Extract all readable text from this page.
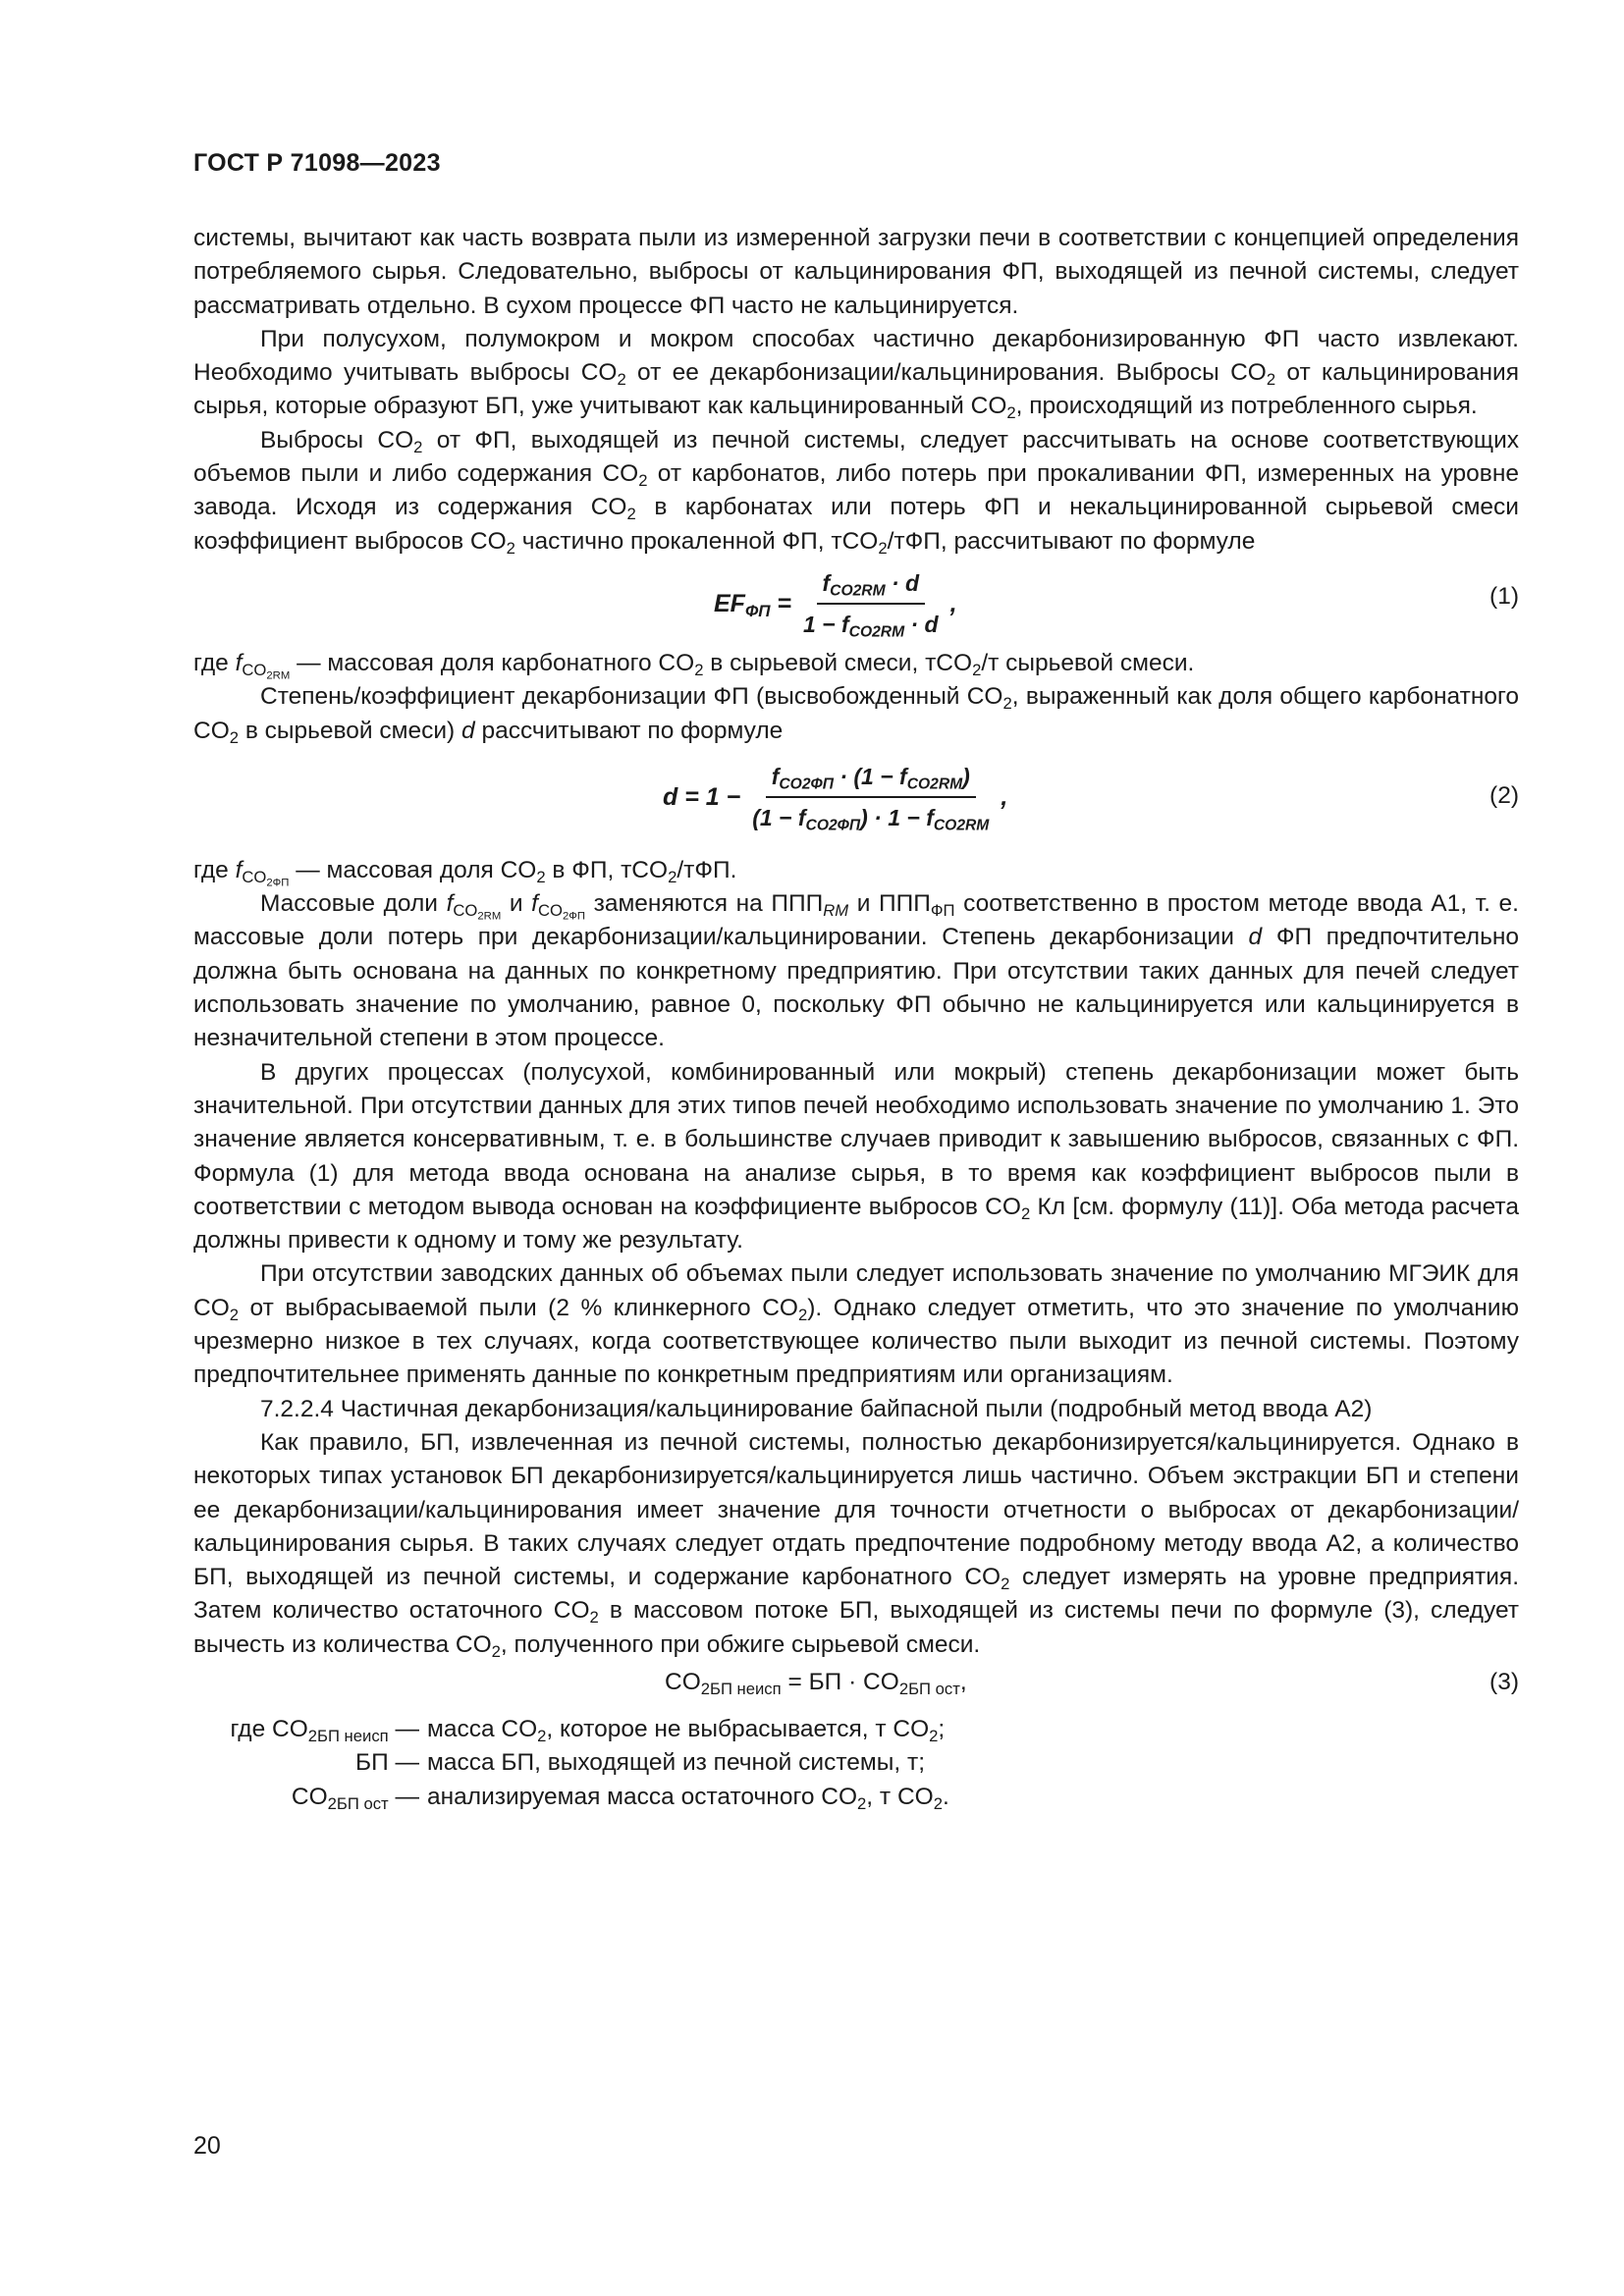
ГОСТ Р 71098—2023

системы, вычитают как часть возврата пыли из измеренной загрузки печи в соответствии с концепцией определения потребляемого сырья. Следовательно, выбросы от кальцинирования ФП, выходящей из печной системы, следует рассматривать отдельно. В сухом процессе ФП часто не кальцинируется.

При полусухом, полумокром и мокром способах частично декарбонизированную ФП часто извлекают. Необходимо учитывать выбросы $CO_2$ от ее декарбонизации/кальцинирования. Выбросы $CO_2$ от кальцинирования сырья, которые образуют БП, уже учитывают как кальцинированный $CO_2$, происходящий из потребленного сырья.

Выбросы $CO_2$ от ФП, выходящей из печной системы, следует рассчитывать на основе соответствующих объемов пыли и либо содержания $CO_2$ от карбонатов, либо потерь при прокаливании ФП, измеренных на уровне завода. Исходя из содержания $CO_2$ в карбонатах или потерь ФП и некальцинированной сырьевой смеси коэффициент выбросов $CO_2$ частично прокаленной ФП, тCO$_2$/тФП, рассчитывают по формуле

$EF_{ФП} = \frac{f_{CO2RM} \cdot d}{1 - f_{CO2RM} \cdot d}$ ,	(1)

где $f_{CO_{2RM}}$ — массовая доля карбонатного $CO_2$ в сырьевой смеси, тCO$_2$/т сырьевой смеси.

Степень/коэффициент декарбонизации ФП (высвобожденный $CO_2$, выраженный как доля общего карбонатного $CO_2$ в сырьевой смеси) d рассчитывают по формуле

$d = 1 - \frac{f_{CO2ФП} \cdot (1 - f_{CO2RM})}{(1 - f_{CO2ФП}) \cdot 1 - f_{CO2RM}}$ ,	(2)

где $f_{CO_{2ФП}}$ — массовая доля $CO_2$ в ФП, тCO$_2$/тФП.

Массовые доли $f_{CO_{2RM}}$ и $f_{CO_{2ФП}}$ заменяются на $ППП_{RM}$ и $ППП_{ФП}$ соответственно в простом методе ввода А1, т. е. массовые доли потерь при декарбонизации/кальцинировании. Степень декарбонизации d ФП предпочтительно должна быть основана на данных по конкретному предприятию. При отсутствии таких данных для печей следует использовать значение по умолчанию, равное 0, поскольку ФП обычно не кальцинируется или кальцинируется в незначительной степени в этом процессе.

В других процессах (полусухой, комбинированный или мокрый) степень декарбонизации может быть значительной. При отсутствии данных для этих типов печей необходимо использовать значение по умолчанию 1. Это значение является консервативным, т. е. в большинстве случаев приводит к завышению выбросов, связанных с ФП. Формула (1) для метода ввода основана на анализе сырья, в то время как коэффициент выбросов пыли в соответствии с методом вывода основан на коэффициенте выбросов $CO_2$ Кл [см. формулу (11)]. Оба метода расчета должны привести к одному и тому же результату.

При отсутствии заводских данных об объемах пыли следует использовать значение по умолчанию МГЭИК для $CO_2$ от выбрасываемой пыли (2 % клинкерного $CO_2$). Однако следует отметить, что это значение по умолчанию чрезмерно низкое в тех случаях, когда соответствующее количество пыли выходит из печной системы. Поэтому предпочтительнее применять данные по конкретным предприятиям или организациям.

7.2.2.4 Частичная декарбонизация/кальцинирование байпасной пыли (подробный метод ввода А2)

Как правило, БП, извлеченная из печной системы, полностью декарбонизируется/кальцинируется. Однако в некоторых типах установок БП декарбонизируется/кальцинируется лишь частично. Объем экстракции БП и степени ее декарбонизации/кальцинирования имеет значение для точности отчетности о выбросах от декарбонизации/кальцинирования сырья. В таких случаях следует отдать предпочтение подробному методу ввода А2, а количество БП, выходящей из печной системы, и содержание карбонатного $CO_2$ следует измерять на уровне предприятия. Затем количество остаточного $CO_2$ в массовом потоке БП, выходящей из системы печи по формуле (3), следует вычесть из количества $CO_2$, полученного при обжиге сырьевой смеси.

$CO_{2БП неисп}$ = БП · $CO_{2БП ост}$,	(3)
где $CO_{2БП неисп}$ — масса $CO_2$, которое не выбрасывается, т $CO_2$;
БП — масса БП, выходящей из печной системы, т;
$CO_{2БП ост}$ — анализируемая масса остаточного $CO_2$, т $CO_2$.
20
